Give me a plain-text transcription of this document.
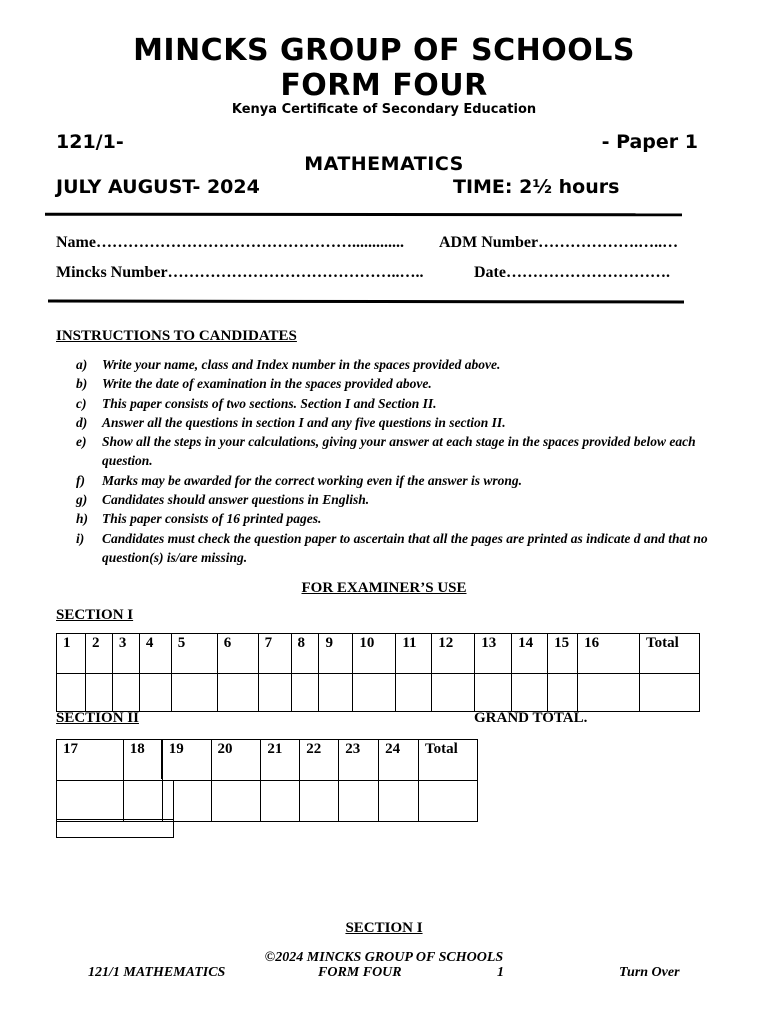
MINCKS GROUP OF SCHOOLS
FORM FOUR
Kenya Certificate of Secondary Education
121/1-	- Paper 1
MATHEMATICS
JULY AUGUST- 2024	TIME: 2½ hours
Name…………………………………………............. ADM Number……………….…..…
Mincks Number……………………………………..…..	Date………………………….
INSTRUCTIONS TO CANDIDATES
a)	Write your name, class and Index number in the spaces provided above.
b)	Write the date of examination in the spaces provided above.
c)	This paper consists of two sections. Section I and Section II.
d)	Answer all the questions in section I and any five questions in section II.
e)	Show all the steps in your calculations, giving your answer at each stage in the spaces provided below each question.
f)	Marks may be awarded for the correct working even if the answer is wrong.
g)	Candidates should answer questions in English.
h)	This paper consists of 16 printed pages.
i)	Candidates must check the question paper to ascertain that all the pages are printed as indicate d and that no question(s) is/are missing.
FOR EXAMINER’S USE
SECTION I
1	2	3	4	5	6	7	8	9	10	11	12	13	14	15	16	Total

SECTION II	GRAND TOTAL.
17	18	19		20	21	22	23	24	Total

SECTION I
©2024 MINCKS GROUP OF SCHOOLS
121/1 MATHEMATICS	FORM FOUR	1	Turn Over
